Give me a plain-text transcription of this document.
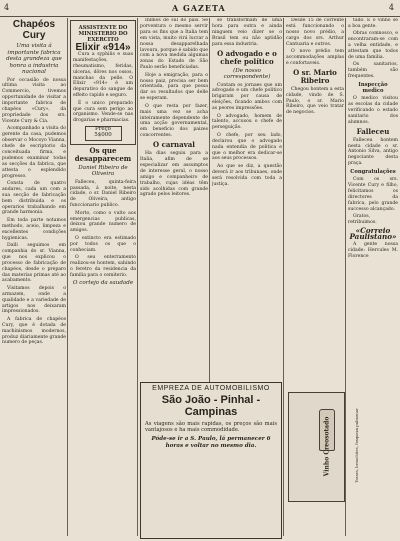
4	A GAZETA	4
Chapéos Cury
Uma visita á importante fabrica desta grandeza que honra a industria nacional

Por occasião de nossa ultima visita ao Commercio, tivemos opportunidade de visitar a importante fabrica de chapéos «Cury», da propriedade dos srs. Vicente Cury & Cia.

Acompanhado a visita do gerente da casa, pudemos observar o Mocoyo Vianna, chefe de escriptorio da conceituada firma, e pudemos examinar todas as secções da fabrica, que attesta o esplendido progresso.

Consta de quatro andares, cada um com a sua secção de fabricação bem distribuida e os operarios trabalhando em grande harmonia.

Em toda parte notamos methodo, aceio, limpeza e excellentes condições hygienicas.

Dalli seguimos em companhia do sr. Vianna, que nos explicou o processo de fabricação de chapéos, desde o preparo das materias primas até ao acabamento.

Visitamos depois o armazem, onde a qualidade e a variedade de artigos nos deixaram impressionados.

A fabrica de chapéos Cury, que é dotada de machinismos modernos, produz diariamente grande numero de peças.

ASSISTENTE DO MINISTERIO DO EXERCITO
Elixir «914»

Cura a syphilis e suas manifestações, rheumatismo, feridas, ulceras, dôres nos ossos, manchas da pelle. O Elixir «914» é um depurativo do sangue de effeito rapido e seguro.

É o unico preparado que cura sem perigo ao organismo. Vende-se nas drogarias e pharmacias.

Preço 5$000
Os que desapparecem
Daniel Ribeiro de Oliveira

Falleceu, quinta-feira passada, á noite, nesta cidade, o sr. Daniel Ribeiro de Oliveira, antigo funccionario publico.

Morto, como o vulto aos emergencias publicas, deixou grande numero de amigos.

O extincto era estimado por todos os que o conheciam.

O seu enterramento realizou-se hontem, sahindo o feretro da residencia da familia para o cemiterio.

O cortejo da saudade

Inimos de sul do pais. Se porventura o mesmo servir para os fins que a Italia tem em vista, muito virá lucrar a nossa desapparelhada lavoura, porque é sabido que com a nova medida algumas zonas do Estado de São Paulo serão beneficiadas.

Hoje a emigração, para o nosso paiz, precisa ser bem orientada, para que possa dar os resultados que delle se esperam.

O que resta por fazer, mais uma vez se acha inteiramente dependente de uma acção governamental, em beneficio dos paizes concorrentes.

O carnaval

Ha dias seguiu para a Italia, afim de se especializar em assumptos de interesse geral, o nosso amigo e companheiro de trabalho, cujas idéas têm sido acolhidas com grande agrado pelos leitores.

se transformam de uma hora para outra e ainda ninguem veio dizer se o Brasil tem ou não aptidão para essa industria.

O advogado e o chefe político
(De nosso correspondente)

Contam os jornaes que um advogado e um chefe politico brigaram por causa de eleições, ficando ambos com as peores impressões.

O advogado, homem de talento, accusou o chefe de perseguição.

O chefe, por seu lado, declarou que o advogado nada entendia de politica e que o melhor era dedicar-se aos seus processos.

Ao que se diz, a questão deverá ir aos tribunaes, onde será resolvida com toda a justiça.

Desde 15 de corrente está funccionando o nosso novo prédio, a cargo dos srs. Arthur Cantuaria e outros.

O novo prédio tem accommodações amplas e confortaveis.

O sr. Mario Ribeiro

Chegou hontem a esta cidade, vindo de S. Paulo, o sr. Mario Ribeiro, que veio tratar de negocios.

Vinho Creosotado	Tosses, bronchites, fraqueza pulmonar

tado. E o vinho se a boa gente.

Obras comnosco, e encontraram-se com a velha entidade, e attestam que todos de uma familia.

Os sanitarios, também são frequentes.

Inspecção medico

O medico visitou as escolas da cidade verificando o estado sanitario dos alumnos.

Falleceu

Falleceu hontem nesta cidade o sr. Antonio Silva, antigo negociante desta praça.

Congratulações

Com os srs. Vicente Cury e filho, felicitamos os directores da fabrica, pelo grande successo alcançado.

Gratos, retribuimos.

«Correio Paulistano»

A gente nossa cidade: Hercules M. Florence

EMPREZA DE AUTOMOBILISMO
São João - Pinhal - Campinas
As viagens são mais rapidas, os preços são mais vantajosos e ha mais commodidade.
Póde-se ir a S. Paulo, lá permanecer 6 horas e voltar no mesmo dia.
